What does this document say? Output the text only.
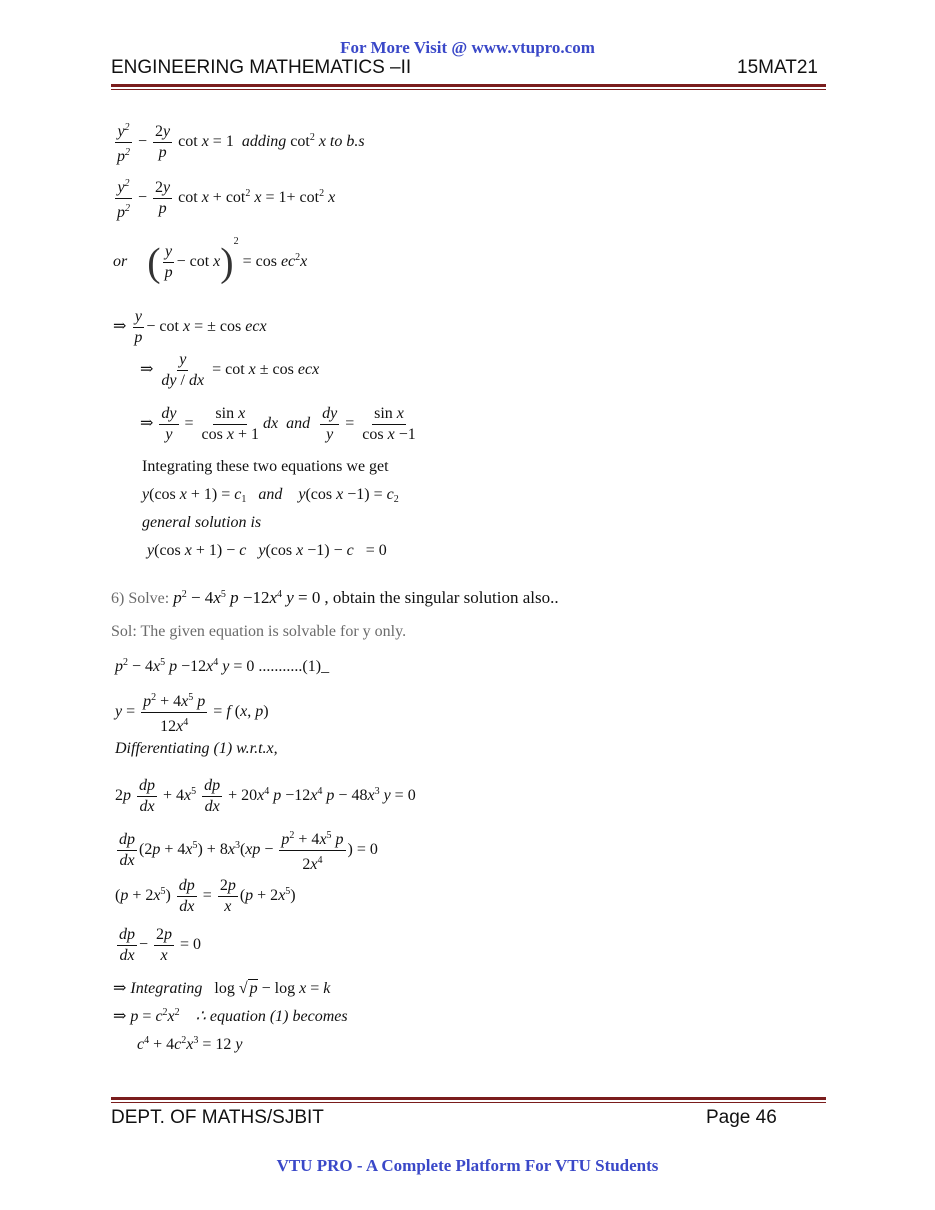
For More Visit @ www.vtupro.com
ENGINEERING MATHEMATICS –II	15MAT21
$\frac{y^2}{p^2} - \frac{2y}{p}$ cot x = 1  adding $\cot^2 x$ to b.s
$\frac{y^2}{p^2} - \frac{2y}{p}$ $\cot x + \cot^2 x = 1+ \cot^2 x$
or ( $\frac{y}{p} - \cot x)^2 = \cos ec^2x$
⇒ $\frac{y}{p} - \cot x$ = ± cos ecx
⇒ $\frac{y}{dy / dx} = \cot x \pm \cos$ ecx
⇒ $\frac{dy}{y} = \frac{\text{sin x}}{\text{cos x + 1}}$ dx and $\frac{dy}{y} = \frac{\text{sin x}}{\text{cos x −1}}$
Integrating these two equations we get
y(cos $x + 1) = c_1$ and y(cos $x -1) = c_2$
general solution is
y(cos x + 1) − c y(cos x −1) − c   = 0
6) Solve: $p^2 - 4x^5$ $p -12x^4$ y = 0 , obtain the singular solution also..
Sol: The given equation is solvable for y only.
$p^2 - 4x^5$ $p -12x^4$ y = 0 ...........(1)_
$y = \frac{p^2 + 4x^5 p}{12x^4} = f$ (x, p)
Differentiating (1) w.r.t.x,
$2p \frac{dp}{dx} + 4x^5 \frac{dp}{dx} + 20x^4$ $p -12x^4$ $p - 48x^3$ y = 0
$\frac{dp}{dx} (2p + 4x^5) + 8x^3(xp - \frac{p^2 + 4x^5 p}{2x^4}$ ) = 0
$(p + 2x^5) \frac{dp}{dx} = \frac{2p}{x} (p + 2x^5)$
$\frac{dp}{dx} - \frac{2p}{x} = 0$
⇒ Integrating   log √ p − log x = k
⇒ $p = c^2x^2$ ∴ equation (1) becomes
$c^4 + 4c^2x^3 = 12$ y
DEPT. OF MATHS/SJBIT	Page 46
VTU PRO - A Complete Platform For VTU Students
